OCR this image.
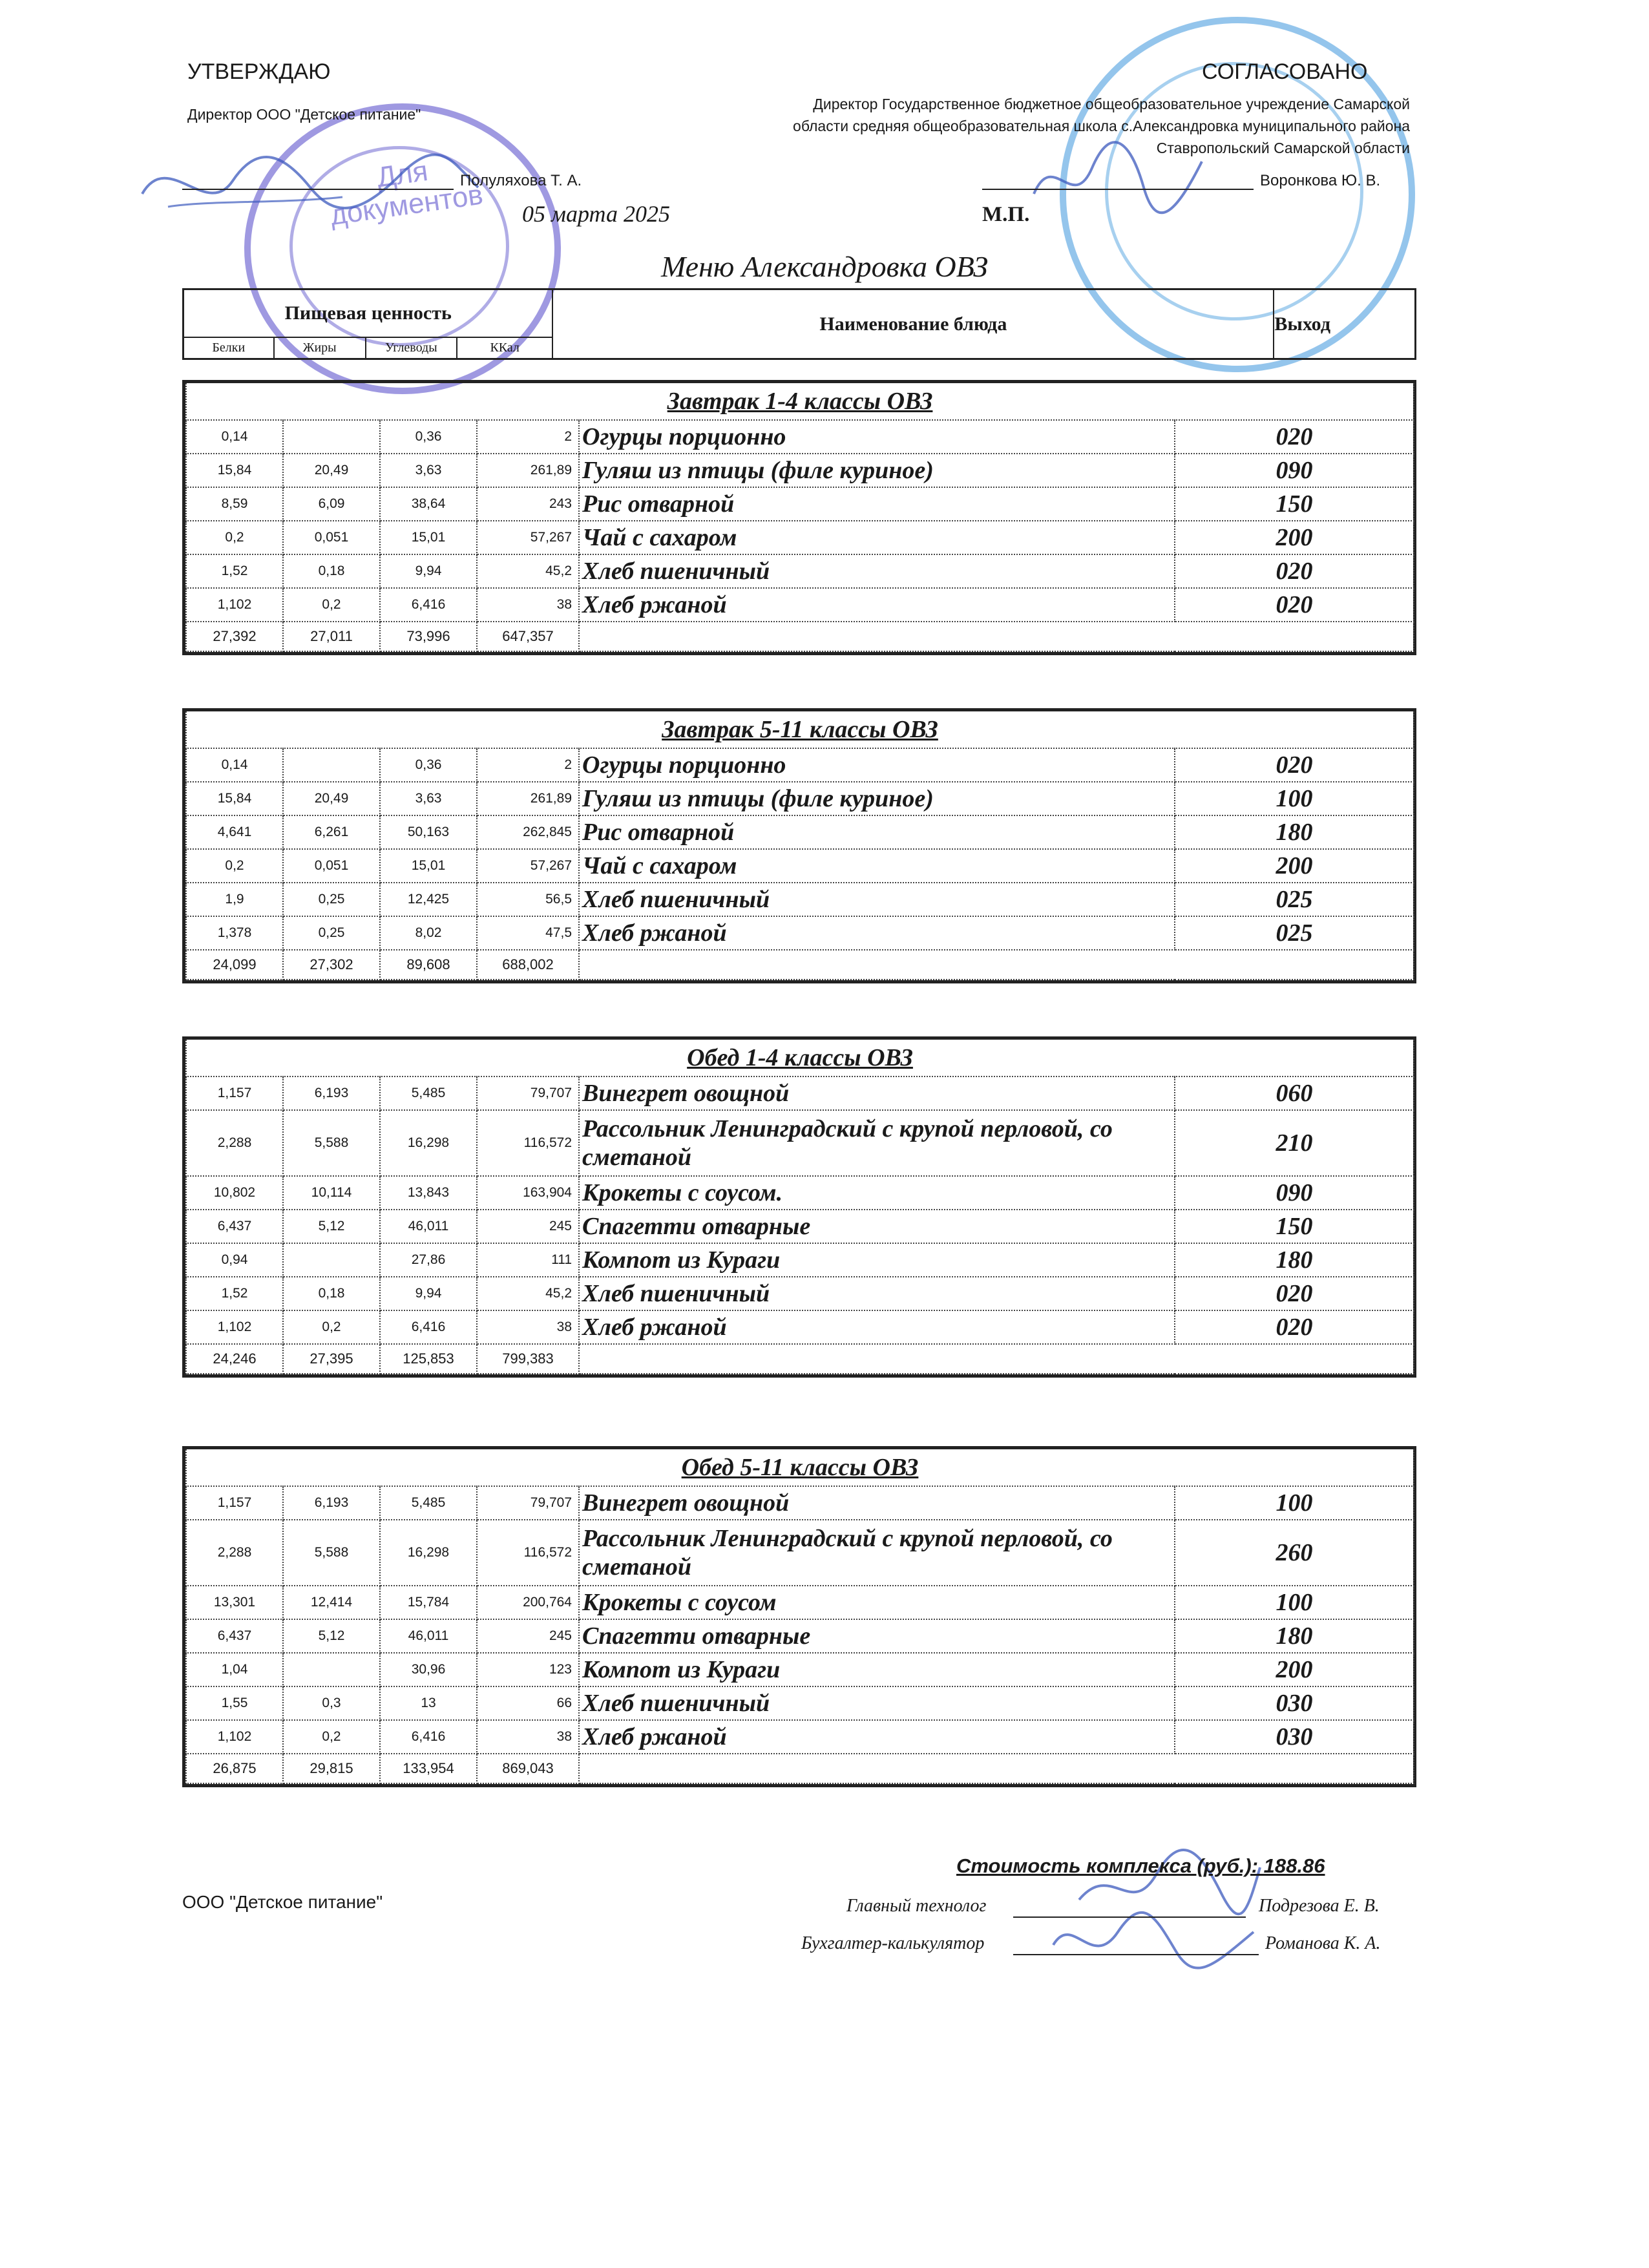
Для документов
УТВЕРЖДАЮ
Директор ООО "Детское питание"
Полуляхова Т. А.
05 марта 2025
СОГЛАСОВАНО
Директор Государственное бюджетное общеобразовательное учреждение Самарской
области средняя общеобразовательная школа с.Александровка муниципального района
Ставропольский Самарской области
Воронкова Ю. В.
М.П.
Меню Александровка ОВЗ
Пищевая ценность				Наименование блюда	Выход
Белки	Жиры	Углеводы	ККал		
Завтрак 1-4 классы ОВЗ					
0,14		0,36	2	Огурцы порционно	020
15,84	20,49	3,63	261,89	Гуляш из птицы (филе куриное)	090
8,59	6,09	38,64	243	Рис отварной	150
0,2	0,051	15,01	57,267	Чай с сахаром	200
1,52	0,18	9,94	45,2	Хлеб пшеничный	020
1,102	0,2	6,416	38	Хлеб ржаной	020
27,392	27,011	73,996	647,357		
Завтрак 5-11 классы ОВЗ					
0,14		0,36	2	Огурцы порционно	020
15,84	20,49	3,63	261,89	Гуляш из птицы (филе куриное)	100
4,641	6,261	50,163	262,845	Рис отварной	180
0,2	0,051	15,01	57,267	Чай с сахаром	200
1,9	0,25	12,425	56,5	Хлеб пшеничный	025
1,378	0,25	8,02	47,5	Хлеб ржаной	025
24,099	27,302	89,608	688,002		
Обед 1-4 классы ОВЗ					
1,157	6,193	5,485	79,707	Винегрет овощной	060
2,288	5,588	16,298	116,572	Рассольник Ленинградский с крупой перловой, со сметаной	210
10,802	10,114	13,843	163,904	Крокеты с соусом.	090
6,437	5,12	46,011	245	Спагетти отварные	150
0,94		27,86	111	Компот из Кураги	180
1,52	0,18	9,94	45,2	Хлеб пшеничный	020
1,102	0,2	6,416	38	Хлеб ржаной	020
24,246	27,395	125,853	799,383		
Обед 5-11 классы ОВЗ					
1,157	6,193	5,485	79,707	Винегрет овощной	100
2,288	5,588	16,298	116,572	Рассольник Ленинградский с крупой перловой, со сметаной	260
13,301	12,414	15,784	200,764	Крокеты с соусом	100
6,437	5,12	46,011	245	Спагетти отварные	180
1,04		30,96	123	Компот из Кураги	200
1,55	0,3	13	66	Хлеб пшеничный	030
1,102	0,2	6,416	38	Хлеб ржаной	030
26,875	29,815	133,954	869,043		
Стоимость комплекса (руб.): 188.86
ООО "Детское питание"	Главный технолог	Подрезова Е. В.
Бухгалтер-калькулятор	Романова К. А.
